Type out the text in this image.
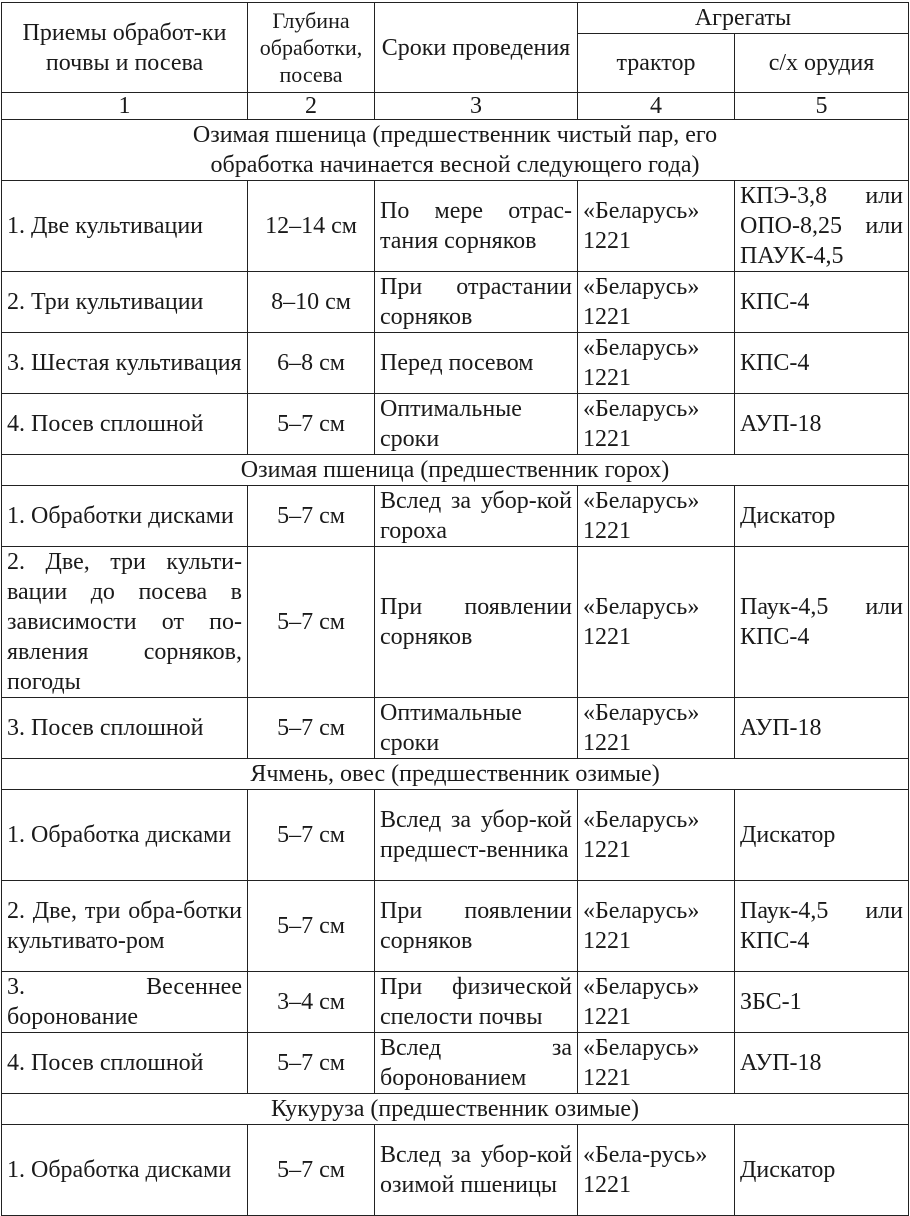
Приемы обработ-ки почвы и посева	Глубина обработки, посева	Сроки проведения	Агрегаты	
			трактор	с/х орудия
1	2	3	4	5

Озимая пшеница (предшественник чистый пар, его обработка начинается весной следующего года)				

1. Две культивации	12–14 см	По мере отрас-тания сорняков	«Беларусь» 1221	КПЭ-3,8 или ОПО-8,25 или ПАУК-4,5
2. Три культивации	8–10 см	При отрастании сорняков	«Беларусь» 1221	КПС-4
3. Шестая культивация	6–8 см	Перед посевом	«Беларусь» 1221	КПС-4
4. Посев сплошной	5–7 см	Оптимальные сроки	«Беларусь» 1221	АУП-18
Озимая пшеница (предшественник горох)				
1. Обработки дисками	5–7 см	Вслед за убор-кой гороха	«Беларусь» 1221	Дискатор
2. Две, три культи-вации до посева в зависимости от по-явления сорняков, погоды	5–7 см	При появлении сорняков	«Беларусь» 1221	Паук-4,5 или КПС-4
3. Посев сплошной	5–7 см	Оптимальные сроки	«Беларусь» 1221	АУП-18
Ячмень, овес (предшественник озимые)				
1. Обработка дисками	5–7 см	Вслед за убор-кой предшест-венника	«Беларусь» 1221	Дискатор
2. Две, три обра-ботки культивато-ром	5–7 см	При появлении сорняков	«Беларусь» 1221	Паук-4,5 или КПС-4
3. Весеннее боронование	3–4 см	При физической спелости почвы	«Беларусь» 1221	ЗБС-1
4. Посев сплошной	5–7 см	Вслед за боронованием	«Беларусь» 1221	АУП-18
Кукуруза (предшественник озимые)				
1. Обработка дисками	5–7 см	Вслед за убор-кой озимой пшеницы	«Бела-русь» 1221	Дискатор
